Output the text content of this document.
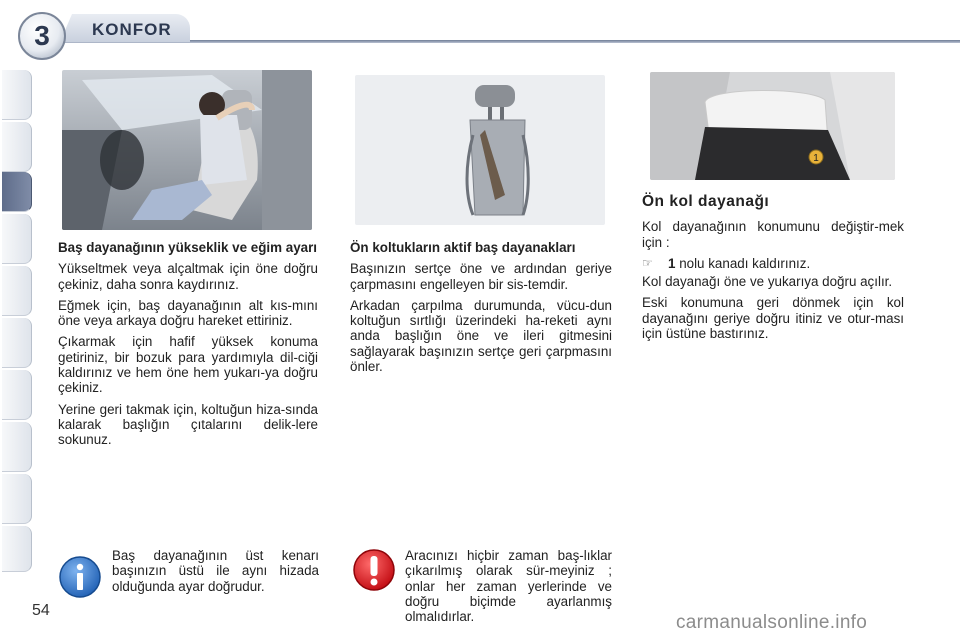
3	KONFOR
1
Baş dayanağının yükseklik ve eğim ayarı

Yükseltmek veya alçaltmak için öne doğru çekiniz, daha sonra kaydırınız.

Eğmek için, baş dayanağının alt kıs-mını öne veya arkaya doğru hareket ettiriniz.

Çıkarmak için hafif yüksek konuma getiriniz, bir bozuk para yardımıyla dil-ciği kaldırınız ve hem öne hem yukarı-ya doğru çekiniz.

Yerine geri takmak için, koltuğun hiza-sında kalarak başlığın çıtalarını delik-lere sokunuz.

Ön koltukların aktif baş dayanakları

Başınızın sertçe öne ve ardından geriye çarpmasını engelleyen bir sis-temdir.

Arkadan çarpılma durumunda, vücu-dun koltuğun sırtlığı üzerindeki ha-reketi aynı anda başlığın öne ve ileri gitmesini sağlayarak başınızın sertçe geri çarpmasını önler.

Ön kol dayanağı

Kol dayanağının konumunu değiştir-mek için :

☞ 1 nolu kanadı kaldırınız.

Kol dayanağı öne ve yukarıya doğru açılır.

Eski konumuna geri dönmek için kol dayanağını geriye doğru itiniz ve otur-ması için üstüne bastırınız.

Baş dayanağının üst kenarı başınızın üstü ile aynı hizada olduğunda ayar doğrudur.
Aracınızı hiçbir zaman baş-lıklar çıkarılmış olarak sür-meyiniz ; onlar her zaman yerlerinde ve doğru biçimde ayarlanmış olmalıdırlar.
54
carmanualsonline.info
